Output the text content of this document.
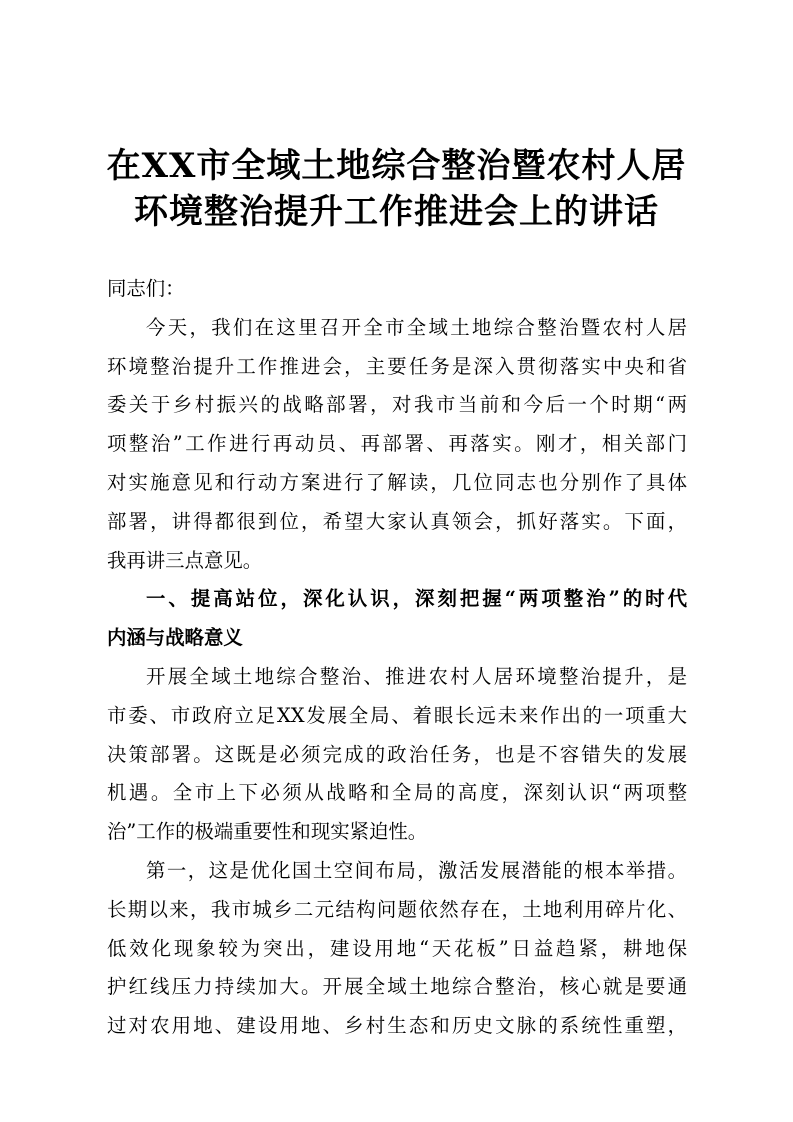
在XX市全域土地综合整治暨农村人居
环境整治提升工作推进会上的讲话
同志们：
今天，我们在这里召开全市全域土地综合整治暨农村人居
环境整治提升工作推进会，主要任务是深入贯彻落实中央和省
委关于乡村振兴的战略部署，对我市当前和今后一个时期“两
项整治”工作进行再动员、再部署、再落实。刚才，相关部门
对实施意见和行动方案进行了解读，几位同志也分别作了具体
部署，讲得都很到位，希望大家认真领会，抓好落实。下面，
我再讲三点意见。
一、提高站位，深化认识，深刻把握“两项整治”的时代
内涵与战略意义
开展全域土地综合整治、推进农村人居环境整治提升，是
市委、市政府立足XX发展全局、着眼长远未来作出的一项重大
决策部署。这既是必须完成的政治任务，也是不容错失的发展
机遇。全市上下必须从战略和全局的高度，深刻认识“两项整
治”工作的极端重要性和现实紧迫性。
第一，这是优化国土空间布局，激活发展潜能的根本举措。
长期以来，我市城乡二元结构问题依然存在，土地利用碎片化、
低效化现象较为突出，建设用地“天花板”日益趋紧，耕地保
护红线压力持续加大。开展全域土地综合整治，核心就是要通
过对农用地、建设用地、乡村生态和历史文脉的系统性重塑，
